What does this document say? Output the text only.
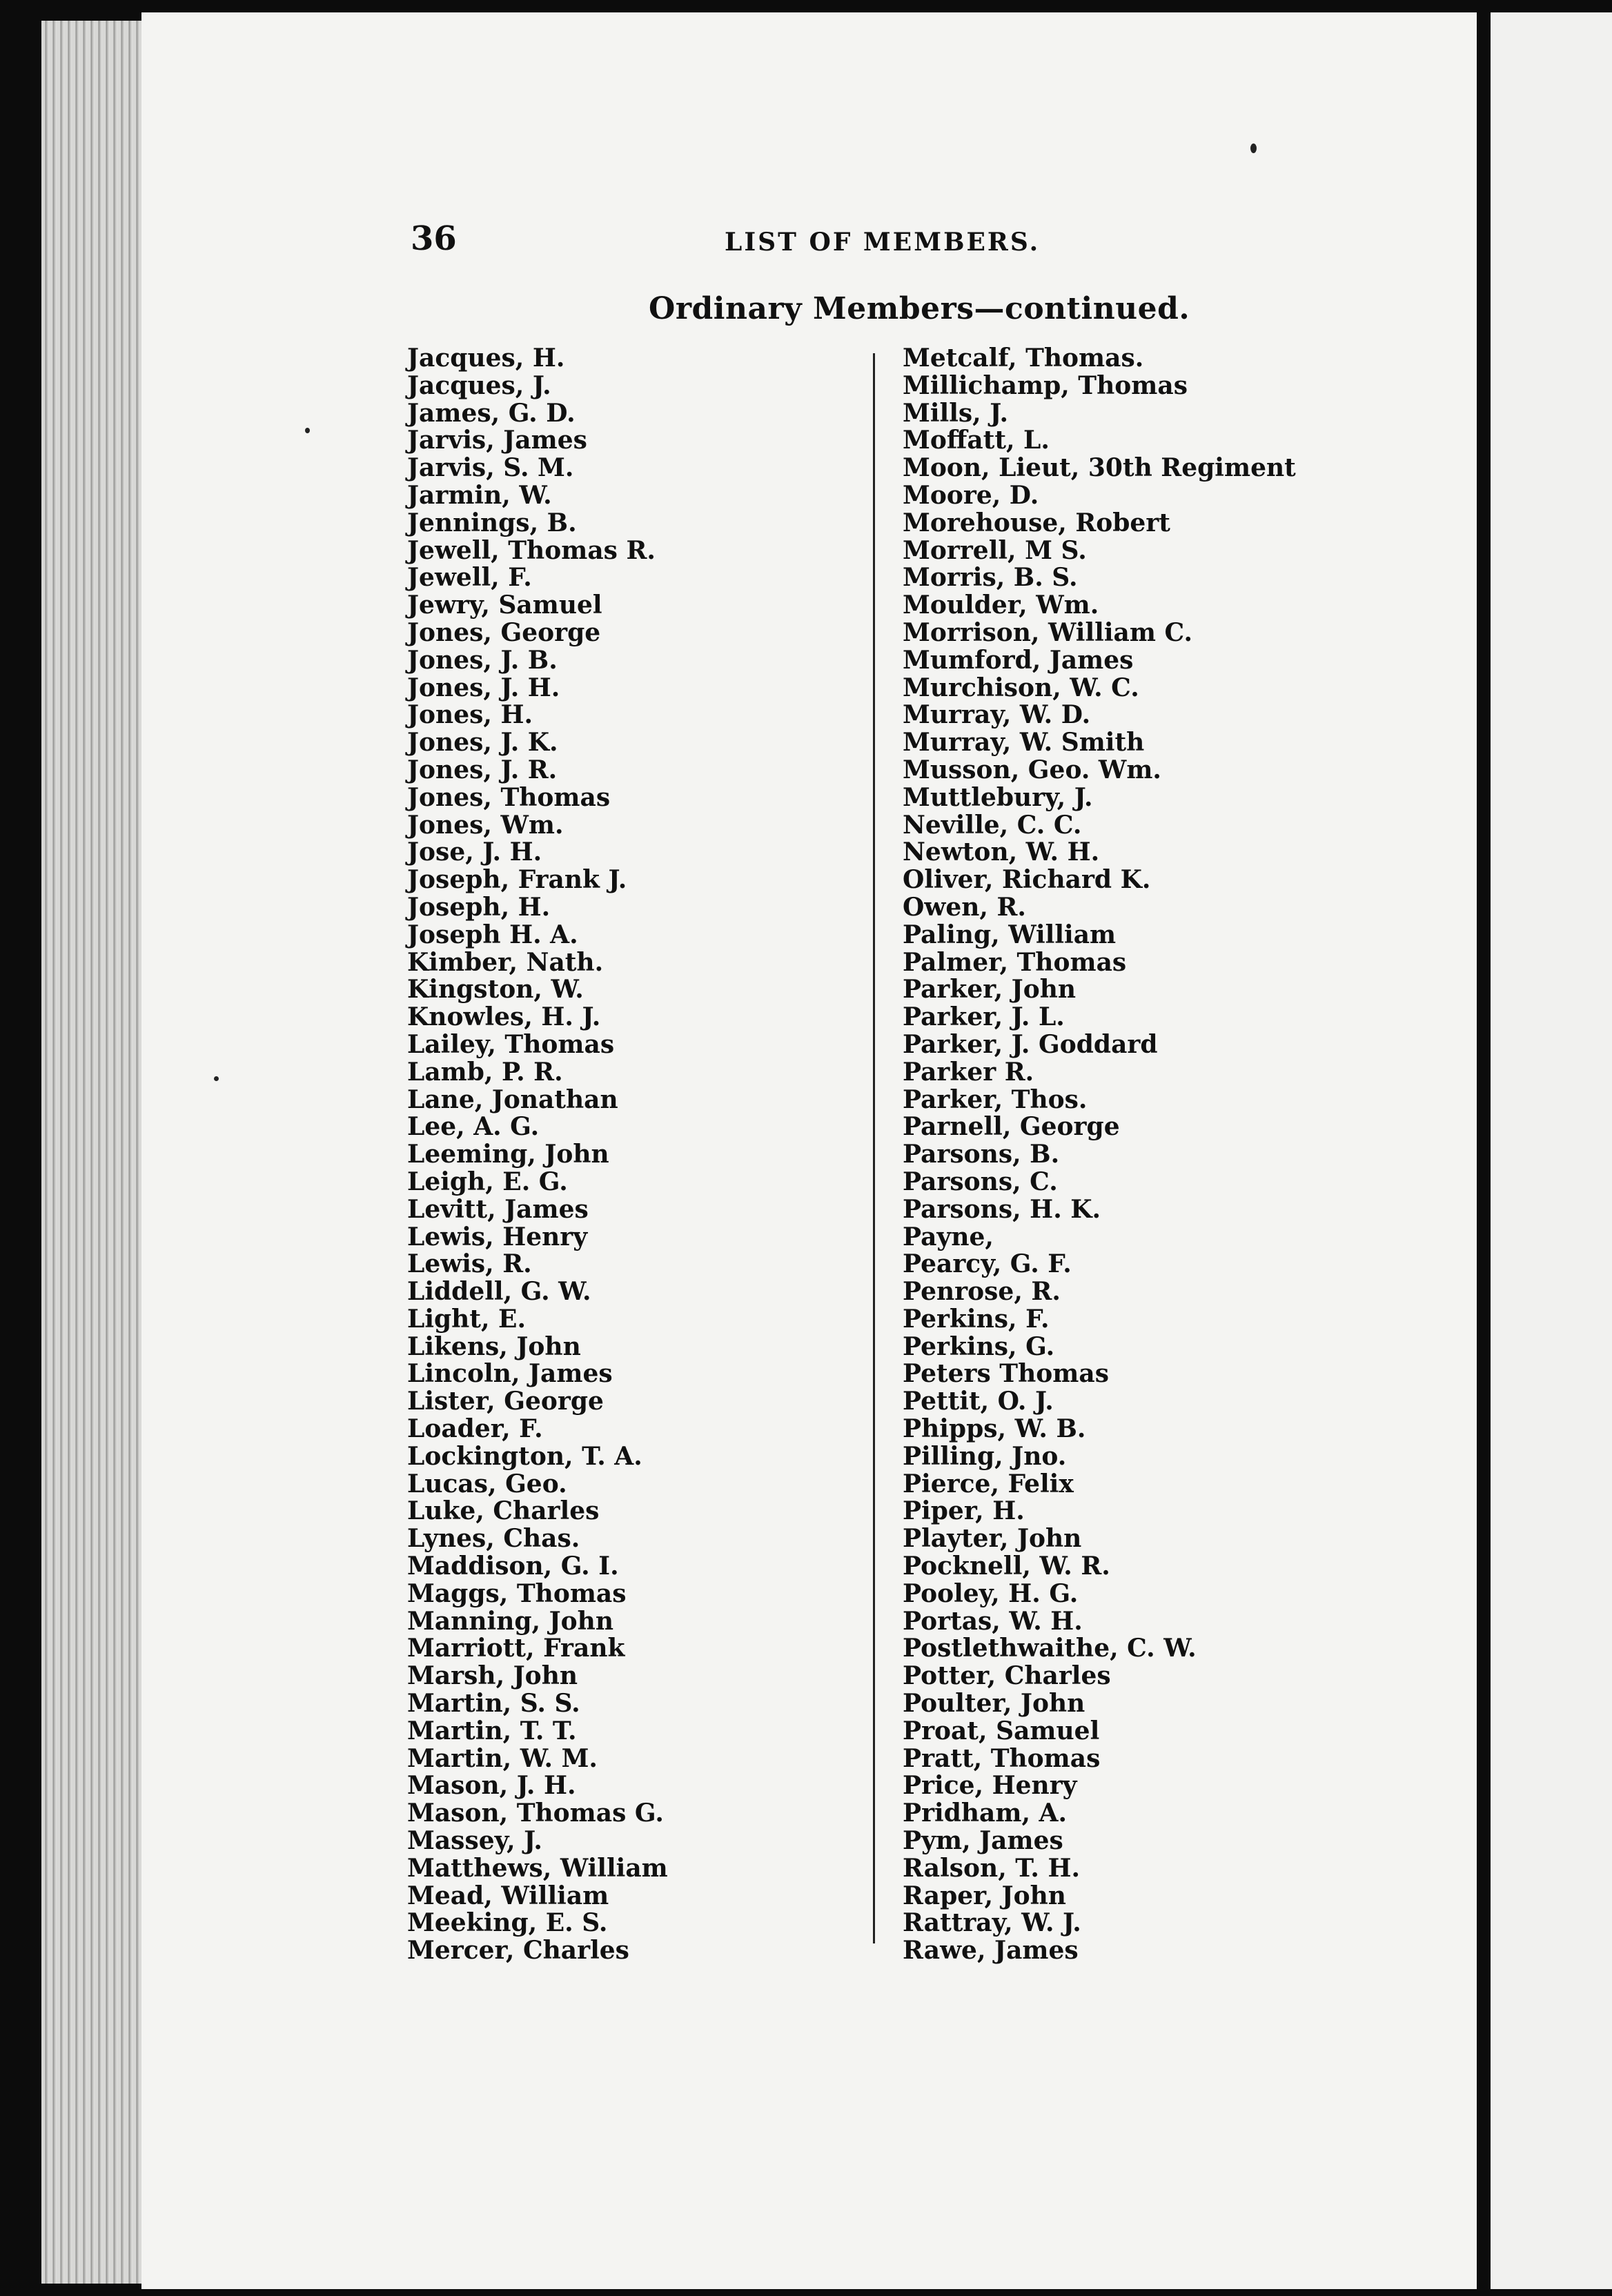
36	LIST OF MEMBERS.
Ordinary Members—continued.
Jacques, H.
Jacques, J.
James, G. D.
Jarvis, James
Jarvis, S. M.
Jarmin, W.
Jennings, B.
Jewell, Thomas R.
Jewell, F.
Jewry, Samuel
Jones, George
Jones, J. B.
Jones, J. H.
Jones, H.
Jones, J. K.
Jones, J. R.
Jones, Thomas
Jones, Wm.
Jose, J. H.
Joseph, Frank J.
Joseph, H.
Joseph H. A.
Kimber, Nath.
Kingston, W.
Knowles, H. J.
Lailey, Thomas
Lamb, P. R.
Lane, Jonathan
Lee, A. G.
Leeming, John
Leigh, E. G.
Levitt, James
Lewis, Henry
Lewis, R.
Liddell, G. W.
Light, E.
Likens, John
Lincoln, James
Lister, George
Loader, F.
Lockington, T. A.
Lucas, Geo.
Luke, Charles
Lynes, Chas.
Maddison, G. I.
Maggs, Thomas
Manning, John
Marriott, Frank
Marsh, John
Martin, S. S.
Martin, T. T.
Martin, W. M.
Mason, J. H.
Mason, Thomas G.
Massey, J.
Matthews, William
Mead, William
Meeking, E. S.
Mercer, Charles
Metcalf, Thomas.
Millichamp, Thomas
Mills, J.
Moffatt, L.
Moon, Lieut, 30th Regiment
Moore, D.
Morehouse, Robert
Morrell, M S.
Morris, B. S.
Moulder, Wm.
Morrison, William C.
Mumford, James
Murchison, W. C.
Murray, W. D.
Murray, W. Smith
Musson, Geo. Wm.
Muttlebury, J.
Neville, C. C.
Newton, W. H.
Oliver, Richard K.
Owen, R.
Paling, William
Palmer, Thomas
Parker, John
Parker, J. L.
Parker, J. Goddard
Parker R.
Parker, Thos.
Parnell, George
Parsons, B.
Parsons, C.
Parsons, H. K.
Payne,
Pearcy, G. F.
Penrose, R.
Perkins, F.
Perkins, G.
Peters Thomas
Pettit, O. J.
Phipps, W. B.
Pilling, Jno.
Pierce, Felix
Piper, H.
Playter, John
Pocknell, W. R.
Pooley, H. G.
Portas, W. H.
Postlethwaithe, C. W.
Potter, Charles
Poulter, John
Proat, Samuel
Pratt, Thomas
Price, Henry
Pridham, A.
Pym, James
Ralson, T. H.
Raper, John
Rattray, W. J.
Rawe, James
